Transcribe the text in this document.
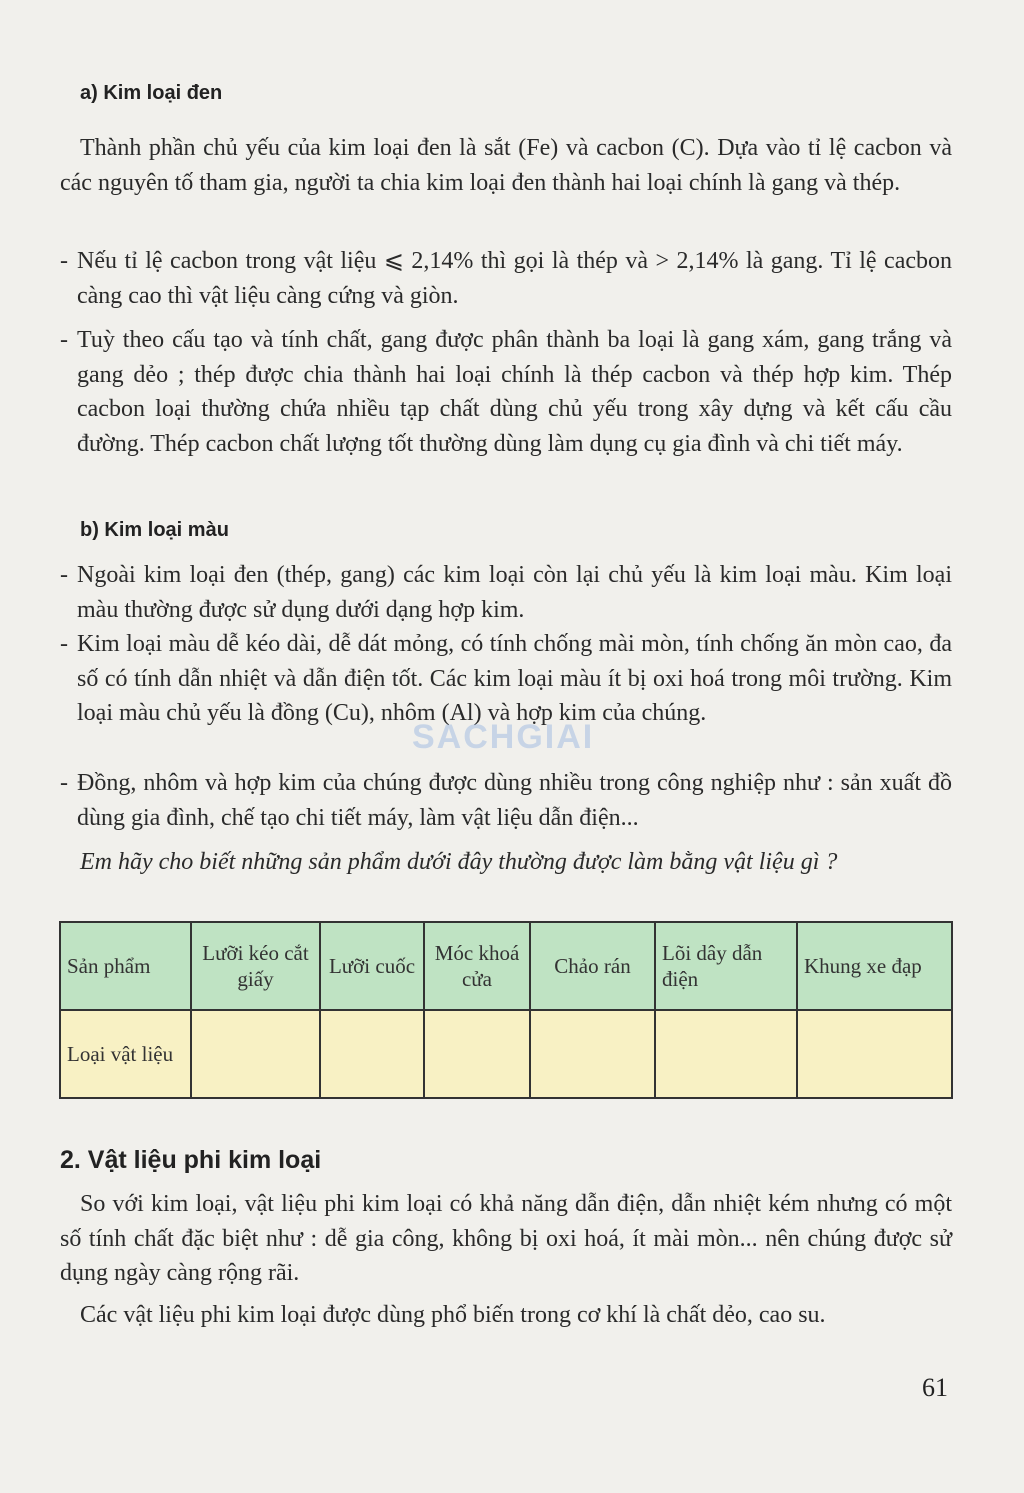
a) Kim loại đen

Thành phần chủ yếu của kim loại đen là sắt (Fe) và cacbon (C). Dựa vào tỉ lệ cacbon và các nguyên tố tham gia, người ta chia kim loại đen thành hai loại chính là gang và thép.

- Nếu tỉ lệ cacbon trong vật liệu ⩽ 2,14% thì gọi là thép và > 2,14% là gang. Tỉ lệ cacbon càng cao thì vật liệu càng cứng và giòn.
- Tuỳ theo cấu tạo và tính chất, gang được phân thành ba loại là gang xám, gang trắng và gang dẻo ; thép được chia thành hai loại chính là thép cacbon và thép hợp kim. Thép cacbon loại thường chứa nhiều tạp chất dùng chủ yếu trong xây dựng và kết cấu cầu đường. Thép cacbon chất lượng tốt thường dùng làm dụng cụ gia đình và chi tiết máy.
b) Kim loại màu
- Ngoài kim loại đen (thép, gang) các kim loại còn lại chủ yếu là kim loại màu. Kim loại màu thường được sử dụng dưới dạng hợp kim.
- Kim loại màu dễ kéo dài, dễ dát mỏng, có tính chống mài mòn, tính chống ăn mòn cao, đa số có tính dẫn nhiệt và dẫn điện tốt. Các kim loại màu ít bị oxi hoá trong môi trường. Kim loại màu chủ yếu là đồng (Cu), nhôm (Al) và hợp kim của chúng.
- Đồng, nhôm và hợp kim của chúng được dùng nhiều trong công nghiệp như : sản xuất đồ dùng gia đình, chế tạo chi tiết máy, làm vật liệu dẫn điện...
Em hãy cho biết những sản phẩm dưới đây thường được làm bằng vật liệu gì ?
SACHGIAI
Sản phẩm	Lưỡi kéo cắt giấy	Lưỡi cuốc	Móc khoá cửa	Chảo rán	Lõi dây dẫn điện	Khung xe đạp
Loại vật liệu						
2. Vật liệu phi kim loại

So với kim loại, vật liệu phi kim loại có khả năng dẫn điện, dẫn nhiệt kém nhưng có một số tính chất đặc biệt như : dễ gia công, không bị oxi hoá, ít mài mòn... nên chúng được sử dụng ngày càng rộng rãi.

Các vật liệu phi kim loại được dùng phổ biến trong cơ khí là chất dẻo, cao su.

61
